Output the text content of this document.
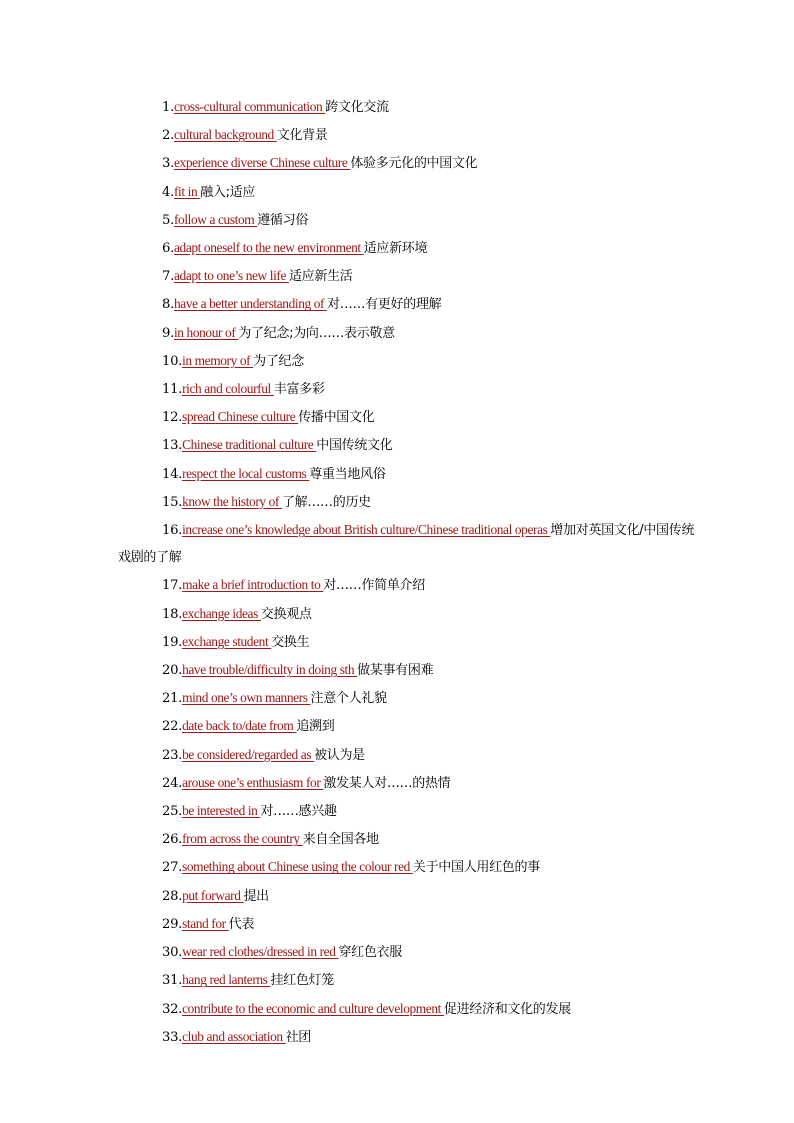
1.cross-cultural communication 跨文化交流
2.cultural background 文化背景
3.experience diverse Chinese culture 体验多元化的中国文化
4.fit in 融入;适应
5.follow a custom 遵循习俗
6.adapt oneself to the new environment 适应新环境
7.adapt to one’s new life 适应新生活
8.have a better understanding of 对……有更好的理解
9.in honour of 为了纪念;为向……表示敬意
10.in memory of 为了纪念
11.rich and colourful 丰富多彩
12.spread Chinese culture 传播中国文化
13.Chinese traditional culture 中国传统文化
14.respect the local customs 尊重当地风俗
15.know the history of 了解……的历史
16.increase one’s knowledge about British culture/Chinese traditional operas 增加对英国文化/中国传统戏剧的了解
17.make a brief introduction to 对……作简单介绍
18.exchange ideas 交换观点
19.exchange student 交换生
20.have trouble/difficulty in doing sth 做某事有困难
21.mind one’s own manners 注意个人礼貌
22.date back to/date from 追溯到
23.be considered/regarded as 被认为是
24.arouse one’s enthusiasm for 激发某人对……的热情
25.be interested in 对……感兴趣
26.from across the country 来自全国各地
27.something about Chinese using the colour red 关于中国人用红色的事
28.put forward 提出
29.stand for 代表
30.wear red clothes/dressed in red 穿红色衣服
31.hang red lanterns 挂红色灯笼
32.contribute to the economic and culture development 促进经济和文化的发展
33.club and association 社团
